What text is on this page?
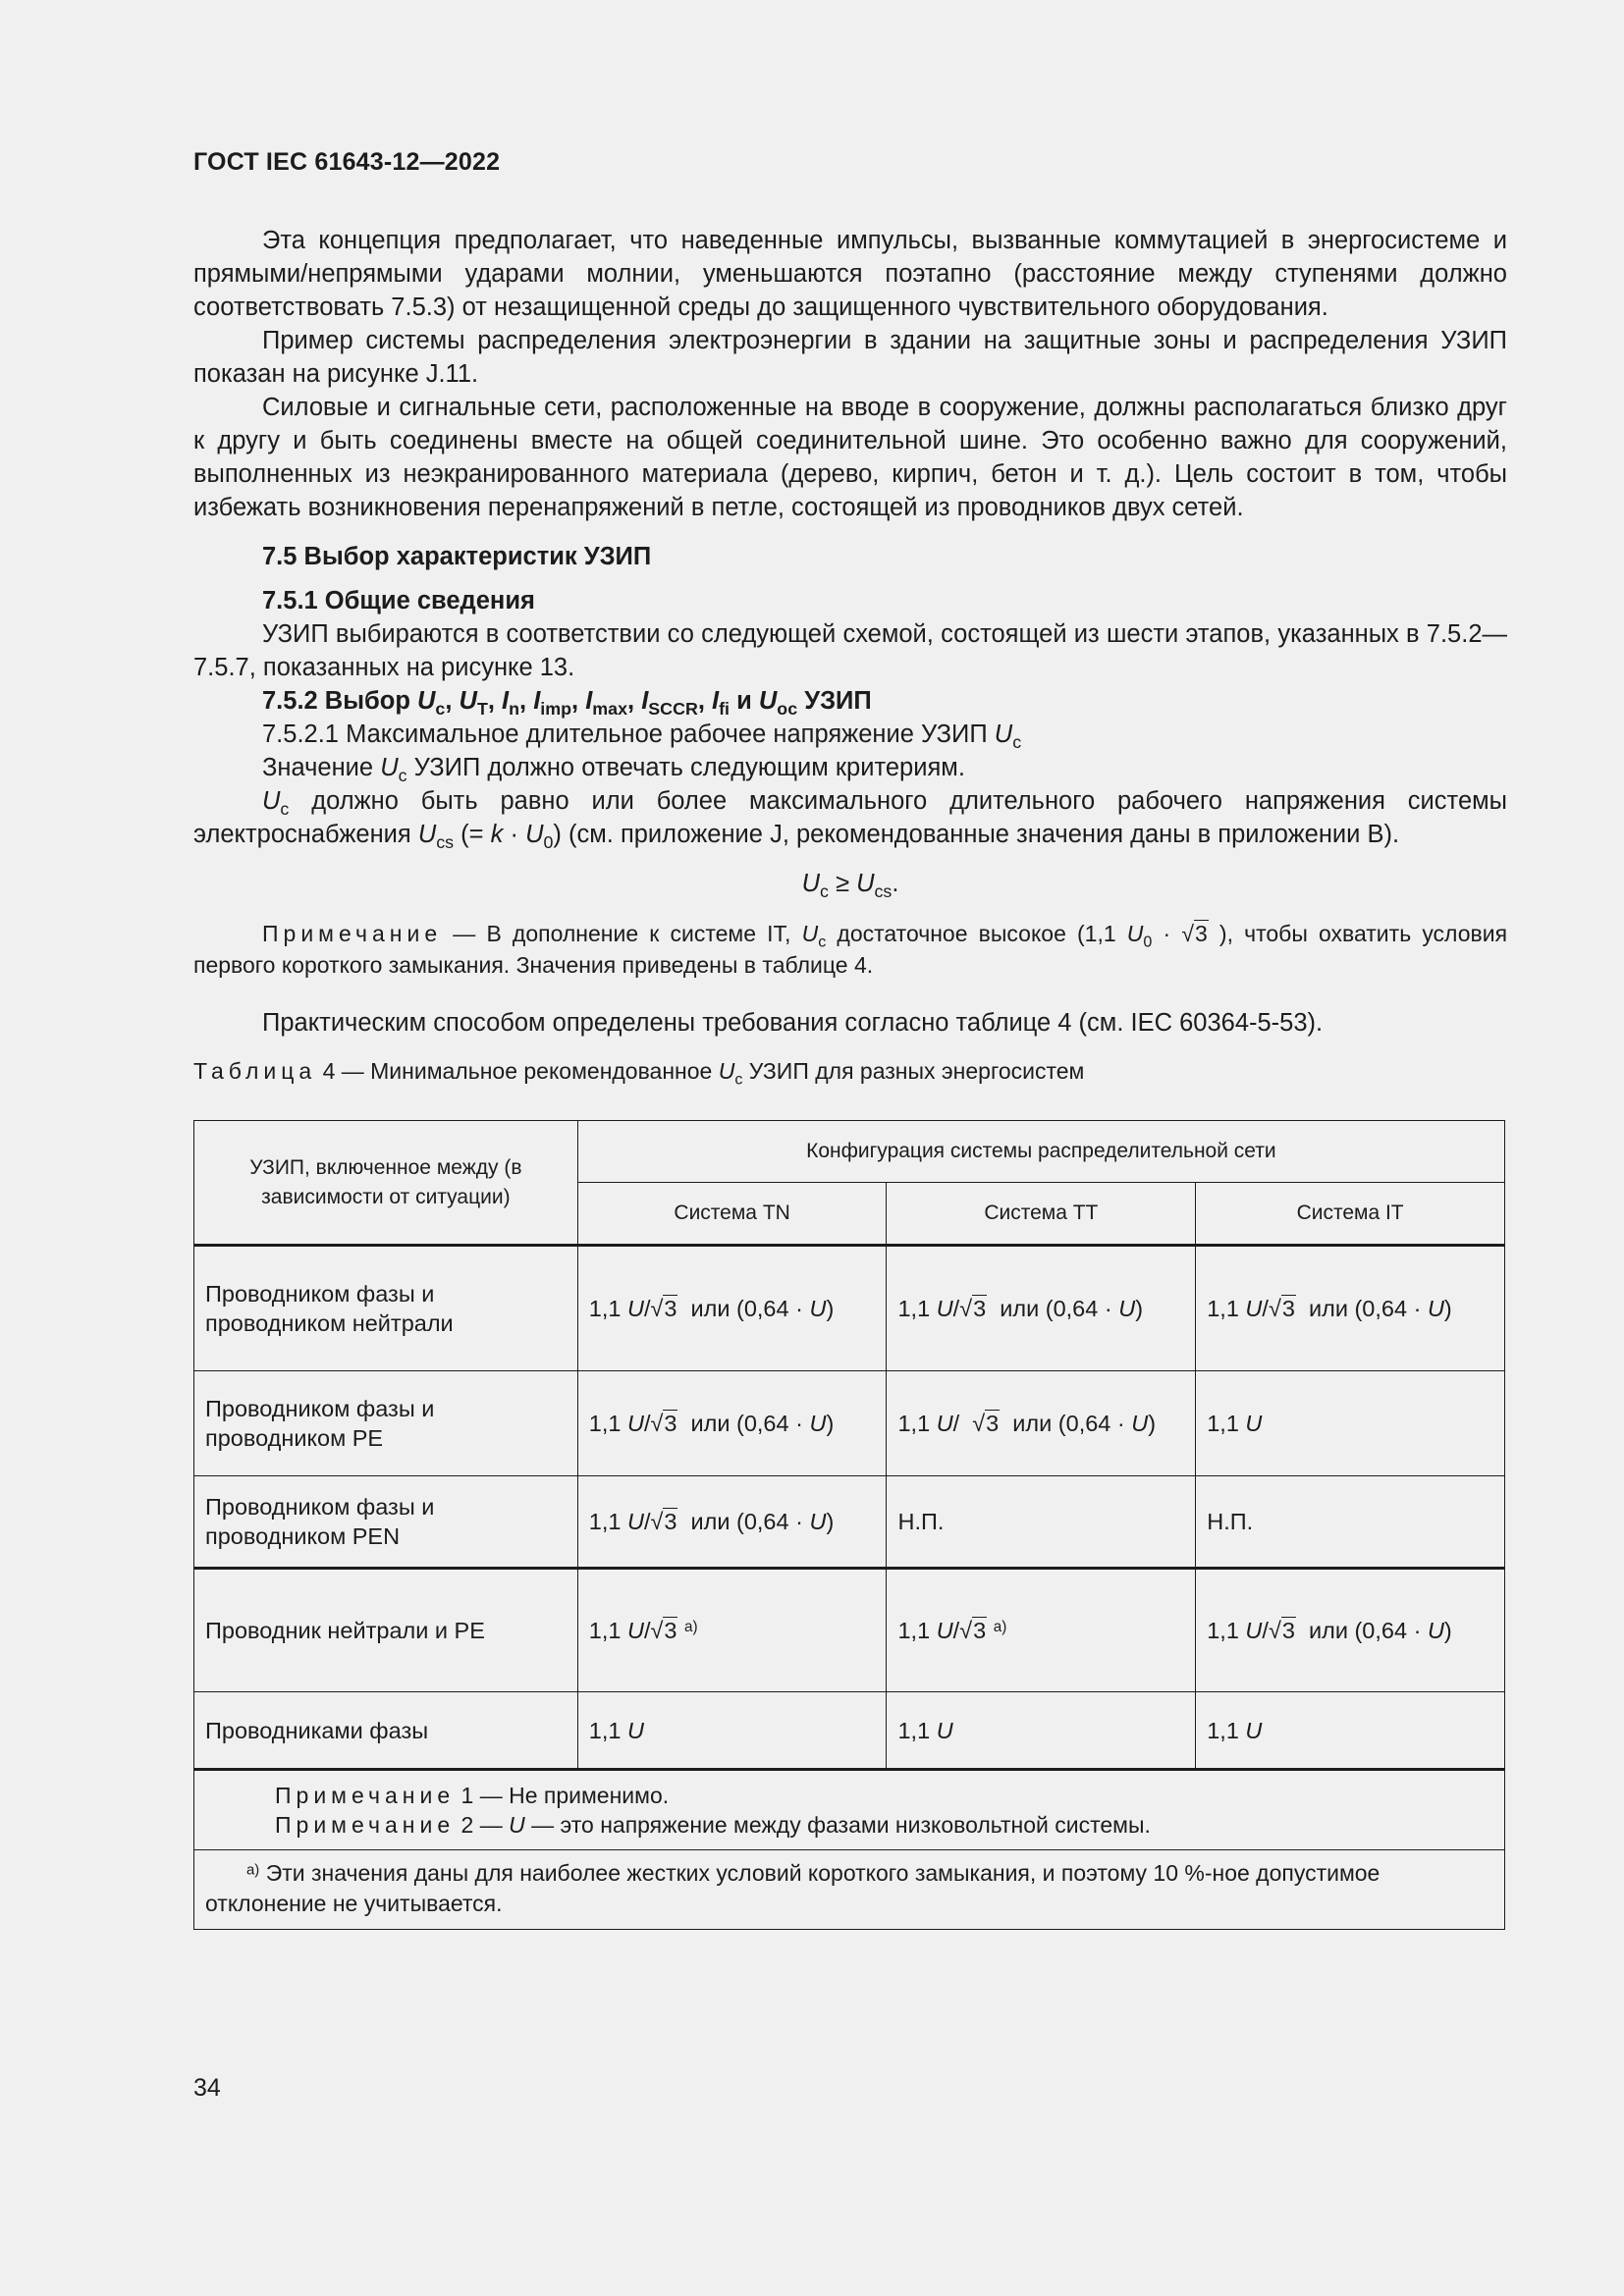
ГОСТ IEC 61643-12—2022

Эта концепция предполагает, что наведенные импульсы, вызванные коммутацией в энергосистеме и прямыми/непрямыми ударами молнии, уменьшаются поэтапно (расстояние между ступенями должно соответствовать 7.5.3) от незащищенной среды до защищенного чувствительного оборудования.

Пример системы распределения электроэнергии в здании на защитные зоны и распределения УЗИП показан на рисунке J.11.

Силовые и сигнальные сети, расположенные на вводе в сооружение, должны располагаться близко друг к другу и быть соединены вместе на общей соединительной шине. Это особенно важно для сооружений, выполненных из неэкранированного материала (дерево, кирпич, бетон и т. д.). Цель состоит в том, чтобы избежать возникновения перенапряжений в петле, состоящей из проводников двух сетей.

7.5 Выбор характеристик УЗИП

7.5.1 Общие сведения

УЗИП выбираются в соответствии со следующей схемой, состоящей из шести этапов, указанных в 7.5.2—7.5.7, показанных на рисунке 13.

7.5.2 Выбор $U_c$, $U_T$, $I_n$, $I_{imp}$, $I_{max}$, $I_{SCCR}$, $I_{fi}$ и $U_{oc}$ УЗИП

7.5.2.1 Максимальное длительное рабочее напряжение УЗИП $U_c$

Значение $U_c$ УЗИП должно отвечать следующим критериям.

$U_c$ должно быть равно или более максимального длительного рабочего напряжения системы электроснабжения $U_{cs}$ (= $k \cdot U_0$) (см. приложение J, рекомендованные значения даны в приложении B).

$U_c \ge U_{cs}$.

Примечание — В дополнение к системе IT, $U_c$ достаточное высокое (1,1 $U_0 \cdot √3$ ), чтобы охватить условия первого короткого замыкания. Значения приведены в таблице 4.

Практическим способом определены требования согласно таблице 4 (см. IEC 60364-5-53).

Таблица 4 — Минимальное рекомендованное $U_c$ УЗИП для разных энергосистем

УЗИП, включенное между (в зависимости от ситуации)	Конфигурация системы распределительной сети		
	Система TN	Система TT	Система IT
Проводником фазы и проводником нейтрали	1,1 U/√3  или (0,64 · U)	1,1 U/√3  или (0,64 · U)	1,1 U/√3  или (0,64 · U)
Проводником фазы и проводником PE	1,1 U/√3  или (0,64 · U)	1,1 U/  √3  или (0,64 · U)	1,1 U
Проводником фазы и проводником PEN	1,1 U/√3  или (0,64 · U)	Н.П.	Н.П.
Проводник нейтрали и PE	1,1 U/√3 $^{a)}$	1,1 U/√3 $^{a)}$	1,1 U/√3  или (0,64 · U)
Проводниками фазы	1,1 U	1,1 U	1,1 U

Примечание 1 — Не применимо.
Примечание 2 — U — это напряжение между фазами низковольтной системы.			

$^{a)}$ Эти значения даны для наиболее жестких условий короткого замыкания, и поэтому 10 %-ное допустимое отклонение не учитывается.			
34
